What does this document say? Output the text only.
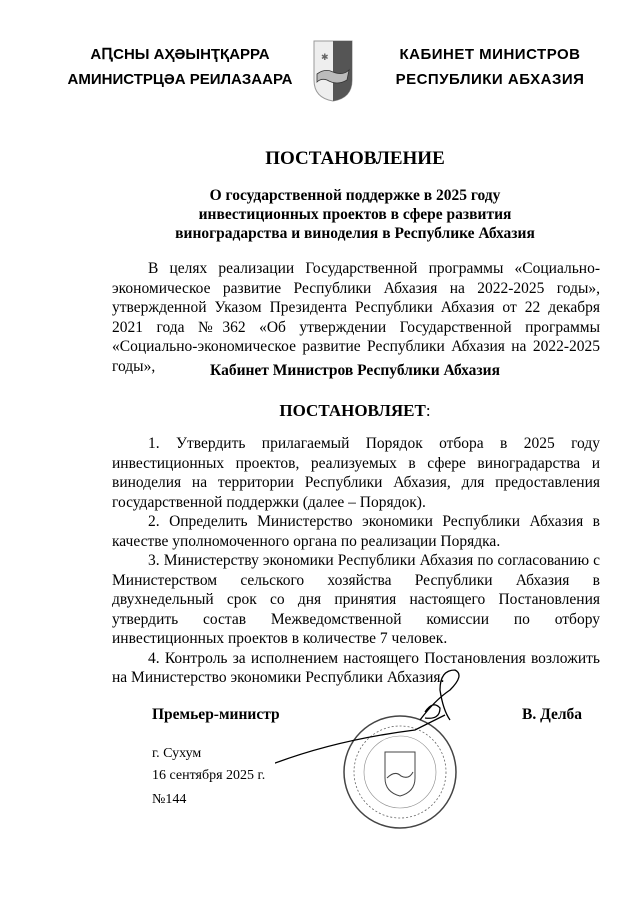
АԤСНЫ АҲӘЫНҬҚАРРА
АМИНИСТРЦӘА РЕИЛАЗААРА
✱	КАБИНЕТ МИНИСТРОВ
РЕСПУБЛИКИ АБХАЗИЯ
ПОСТАНОВЛЕНИЕ
О государственной поддержке в 2025 году
инвестиционных проектов в сфере развития
виноградарства и виноделия в Республике Абхазия

В целях реализации Государственной программы «Социально-экономическое развитие Республики Абхазия на 2022-2025 годы», утвержденной Указом Президента Республики Абхазия от 22 декабря 2021 года №362 «Об утверждении Государственной программы «Социально-экономическое развитие Республики Абхазия на 2022-2025 годы»,	Кабинет Министров Республики Абхазия
ПОСТАНОВЛЯЕТ:

1. Утвердить прилагаемый Порядок отбора в 2025 году инвестиционных проектов, реализуемых в сфере виноградарства и виноделия на территории Республики Абхазия, для предоставления государственной поддержки (далее – Порядок).

2. Определить Министерство экономики Республики Абхазия в качестве уполномоченного органа по реализации Порядка.

3. Министерству экономики Республики Абхазия по согласованию с Министерством сельского хозяйства Республики Абхазия в двухнедельный срок со дня принятия настоящего Постановления утвердить состав Межведомственной комиссии по отбору инвестиционных проектов в количестве 7 человек.

4. Контроль за исполнением настоящего Постановления возложить на Министерство экономики Республики Абхазия.

Премьер-министр	В. Делба
г. Сухум
16 сентября 2025 г.
№144
